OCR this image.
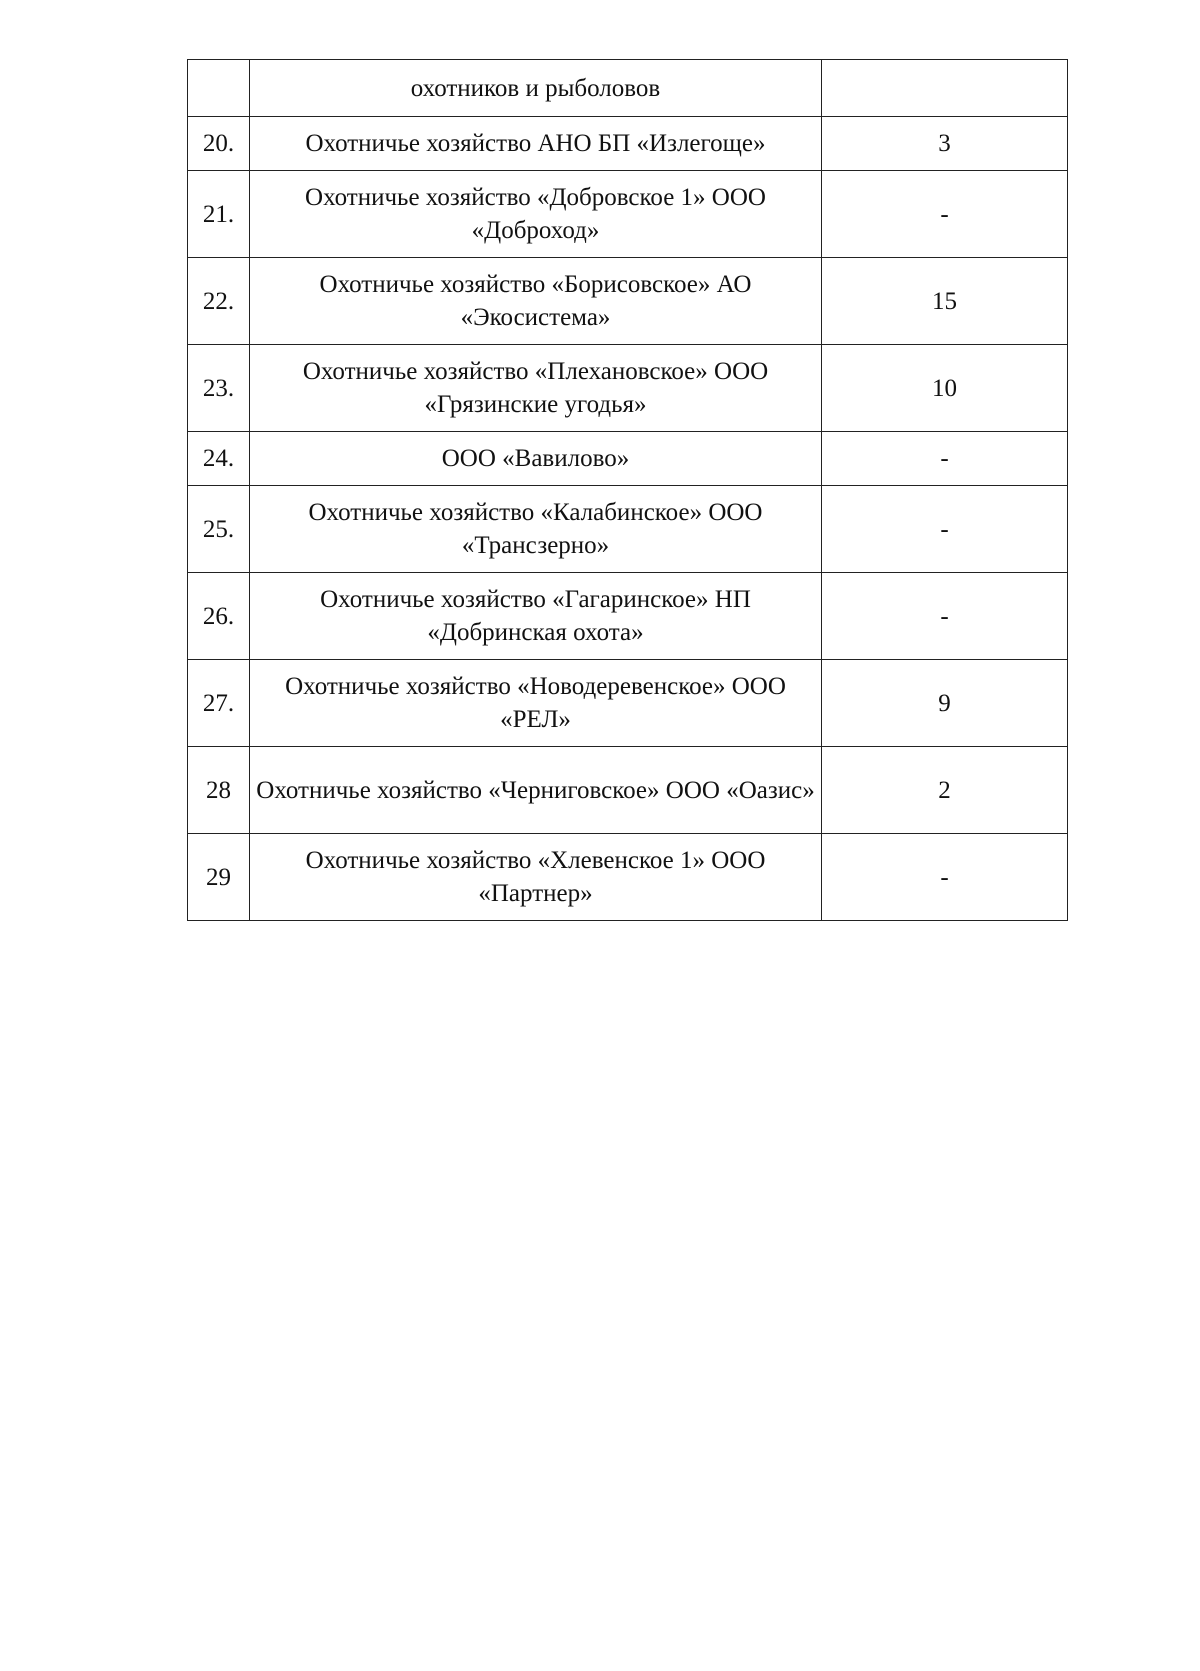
	охотников и рыболовов	
20.	Охотничье хозяйство АНО БП «Излегоще»	3
21.	Охотничье хозяйство «Добровское 1» ООО «Доброход»	-
22.	Охотничье хозяйство «Борисовское» АО «Экосистема»	15
23.	Охотничье хозяйство «Плехановское» ООО «Грязинские угодья»	10
24.	ООО «Вавилово»	-
25.	Охотничье хозяйство «Калабинское» ООО «Трансзерно»	-
26.	Охотничье хозяйство «Гагаринское» НП «Добринская охота»	-
27.	Охотничье хозяйство «Новодеревенское» ООО «РЕЛ»	9
28	Охотничье хозяйство «Черниговское» ООО «Оазис»	2
29	Охотничье хозяйство «Хлевенское 1» ООО «Партнер»	-
